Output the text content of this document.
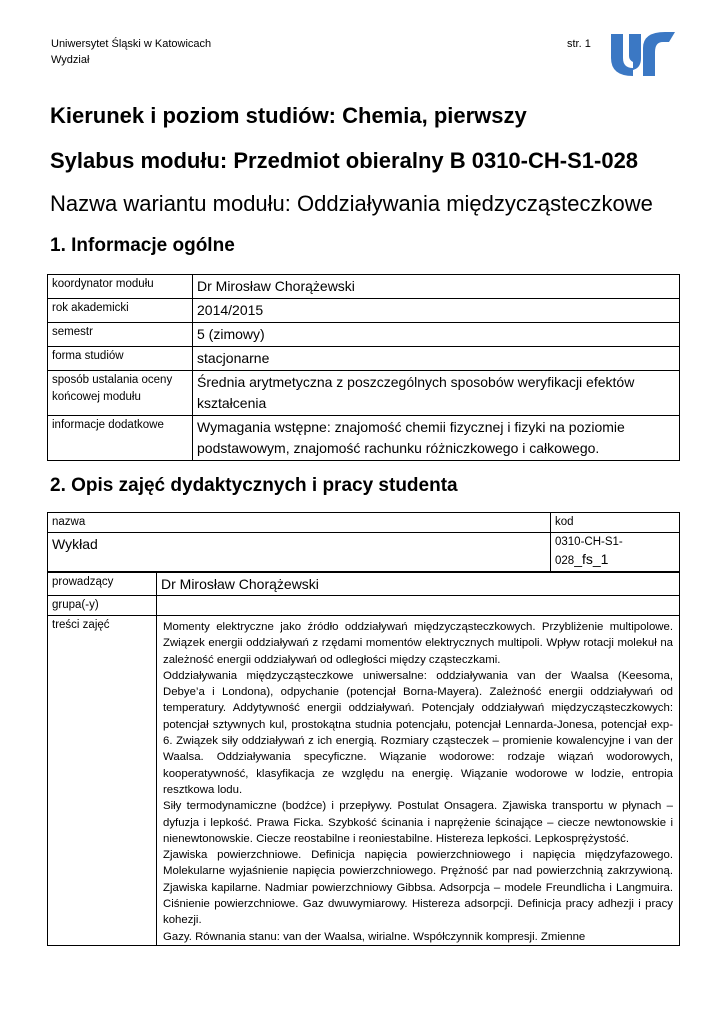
Uniwersytet Śląski w Katowicach
Wydział
str. 1
Kierunek i poziom studiów: Chemia, pierwszy
Sylabus modułu: Przedmiot obieralny B 0310-CH-S1-028
Nazwa wariantu modułu: Oddziaływania międzycząsteczkowe
1. Informacje ogólne
koordynator modułu	Dr Mirosław Chorążewski
rok akademicki	2014/2015
semestr	5 (zimowy)
forma studiów	stacjonarne
sposób ustalania oceny końcowej modułu	Średnia arytmetyczna z poszczególnych sposobów weryfikacji efektów kształcenia
informacje dodatkowe	Wymagania wstępne: znajomość chemii fizycznej i fizyki na poziomie podstawowym, znajomość rachunku różniczkowego i całkowego.
2. Opis zajęć dydaktycznych i pracy studenta
nazwa	kod
Wykład	0310-CH-S1-
028_fs_1
prowadzący	Dr Mirosław Chorążewski
grupa(-y)	
treści zajęć	Momenty elektryczne jako źródło oddziaływań międzycząsteczkowych. Przybliżenie multipolowe. Związek energii oddziaływań z rzędami momentów elektrycznych multipoli. Wpływ rotacji molekuł na zależność energii oddziaływań od odległości między cząsteczkami.

Oddziaływania międzycząsteczkowe uniwersalne: oddziaływania van der Waalsa (Keesoma, Debye’a i Londona), odpychanie (potencjał Borna-Mayera). Zależność energii oddziaływań od temperatury. Addytywność energii oddziaływań. Potencjały oddziaływań międzycząsteczkowych: potencjał sztywnych kul, prostokątna studnia potencjału, potencjał Lennarda-Jonesa, potencjał exp-6. Związek siły oddziaływań z ich energią. Rozmiary cząsteczek – promienie kowalencyjne i van der Waalsa. Oddziaływania specyficzne. Wiązanie wodorowe: rodzaje wiązań wodorowych, kooperatywność, klasyfikacja ze względu na energię. Wiązanie wodorowe w lodzie, entropia resztkowa lodu.

Siły termodynamiczne (bodźce) i przepływy. Postulat Onsagera. Zjawiska transportu w płynach – dyfuzja i lepkość. Prawa Ficka. Szybkość ścinania i naprężenie ścinające – ciecze newtonowskie i nienewtonowskie. Ciecze reostabilne i reoniestabilne. Histereza lepkości. Lepkosprężystość.

Zjawiska powierzchniowe. Definicja napięcia powierzchniowego i napięcia międzyfazowego. Molekularne wyjaśnienie napięcia powierzchniowego. Prężność par nad powierzchnią zakrzywioną. Zjawiska kapilarne. Nadmiar powierzchniowy Gibbsa. Adsorpcja – modele Freundlicha i Langmuira. Ciśnienie powierzchniowe. Gaz dwuwymiarowy. Histereza adsorpcji. Definicja pracy adhezji i pracy kohezji.

Gazy. Równania stanu: van der Waalsa, wirialne. Współczynnik kompresji. Zmienne
